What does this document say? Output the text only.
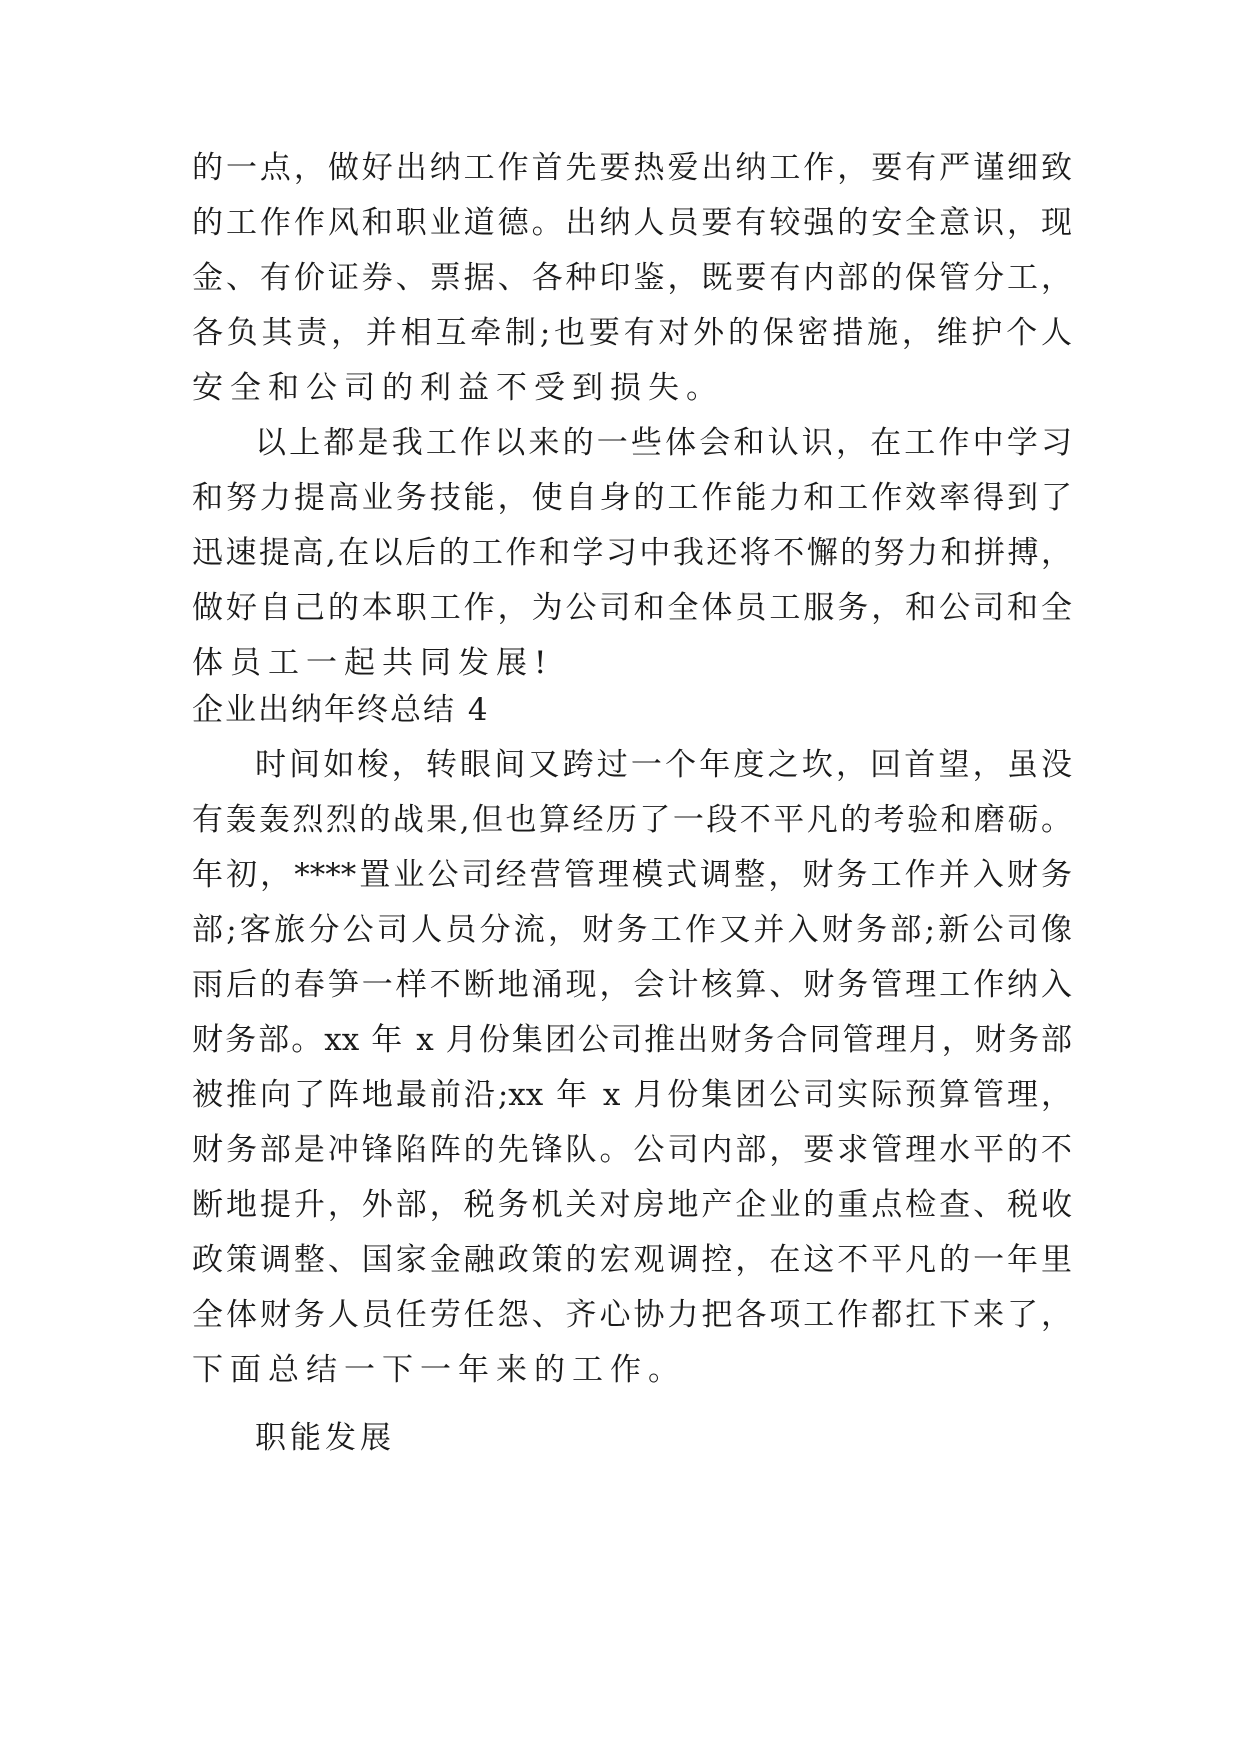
的一点，做好出纳工作首先要热爱出纳工作，要有严谨细致
的工作作风和职业道德。出纳人员要有较强的安全意识，现
金、有价证券、票据、各种印鉴，既要有内部的保管分工，
各负其责，并相互牵制;也要有对外的保密措施，维护个人
安全和公司的利益不受到损失。
以上都是我工作以来的一些体会和认识，在工作中学习
和努力提高业务技能，使自身的工作能力和工作效率得到了
迅速提高,在以后的工作和学习中我还将不懈的努力和拼搏，
做好自己的本职工作，为公司和全体员工服务，和公司和全
体员工一起共同发展!
企业出纳年终总结 4
时间如梭，转眼间又跨过一个年度之坎，回首望，虽没
有轰轰烈烈的战果,但也算经历了一段不平凡的考验和磨砺。
年初，****置业公司经营管理模式调整，财务工作并入财务
部;客旅分公司人员分流，财务工作又并入财务部;新公司像
雨后的春笋一样不断地涌现，会计核算、财务管理工作纳入
财务部。xx 年 x 月份集团公司推出财务合同管理月，财务部
被推向了阵地最前沿;xx 年 x 月份集团公司实际预算管理，
财务部是冲锋陷阵的先锋队。公司内部，要求管理水平的不
断地提升，外部，税务机关对房地产企业的重点检查、税收
政策调整、国家金融政策的宏观调控，在这不平凡的一年里
全体财务人员任劳任怨、齐心协力把各项工作都扛下来了，
下面总结一下一年来的工作。
职能发展
